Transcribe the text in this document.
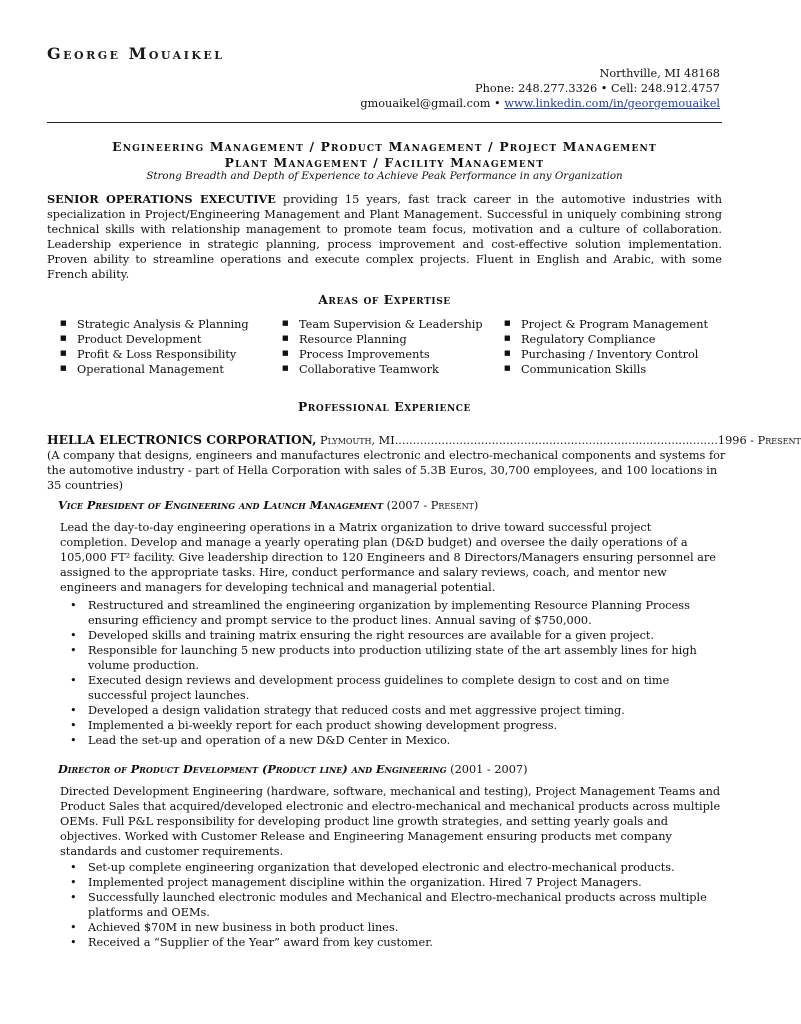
George Mouaikel
Northville, MI 48168
Phone: 248.277.3326 • Cell: 248.912.4757
gmouaikel@gmail.com • www.linkedin.com/in/georgemouaikel
Engineering Management / Product Management / Project Management
Plant Management / Facility Management
Strong Breadth and Depth of Experience to Achieve Peak Performance in any Organization
SENIOR OPERATIONS EXECUTIVE providing 15 years, fast track career in the automotive industries with specialization in Project/Engineering Management and Plant Management. Successful in uniquely combining strong technical skills with relationship management to promote team focus, motivation and a culture of collaboration. Leadership experience in strategic planning, process improvement and cost-effective solution implementation. Proven ability to streamline operations and execute complex projects. Fluent in English and Arabic, with some French ability.
Areas of Expertise
■ Strategic Analysis & Planning
■ Product Development
■ Profit & Loss Responsibility
■ Operational Management
■ Team Supervision & Leadership
■ Resource Planning
■ Process Improvements
■ Collaborative Teamwork
■ Project & Program Management
■ Regulatory Compliance
■ Purchasing / Inventory Control
■ Communication Skills
Professional Experience
HELLA ELECTRONICS CORPORATION, Plymouth, MI..........................................................................................1996 - Present
(A company that designs, engineers and manufactures electronic and electro-mechanical components and systems for the automotive industry - part of Hella Corporation with sales of 5.3B Euros, 30,700 employees, and 100 locations in 35 countries)
Vice President of Engineering and Launch Management (2007 - Present)
Lead the day-to-day engineering operations in a Matrix organization to drive toward successful project completion. Develop and manage a yearly operating plan (D&D budget) and oversee the daily operations of a 105,000 FT² facility. Give leadership direction to 120 Engineers and 8 Directors/Managers ensuring personnel are assigned to the appropriate tasks. Hire, conduct performance and salary reviews, coach, and mentor new engineers and managers for developing technical and managerial potential.
• Restructured and streamlined the engineering organization by implementing Resource Planning Process ensuring efficiency and prompt service to the product lines. Annual saving of $750,000.
• Developed skills and training matrix ensuring the right resources are available for a given project.
• Responsible for launching 5 new products into production utilizing state of the art assembly lines for high volume production.
• Executed design reviews and development process guidelines to complete design to cost and on time successful project launches.
• Developed a design validation strategy that reduced costs and met aggressive project timing.
• Implemented a bi-weekly report for each product showing development progress.
• Lead the set-up and operation of a new D&D Center in Mexico.
Director of Product Development (Product line) and Engineering (2001 - 2007)
Directed Development Engineering (hardware, software, mechanical and testing), Project Management Teams and Product Sales that acquired/developed electronic and electro-mechanical and mechanical products across multiple OEMs. Full P&L responsibility for developing product line growth strategies, and setting yearly goals and objectives. Worked with Customer Release and Engineering Management ensuring products met company standards and customer requirements.
• Set-up complete engineering organization that developed electronic and electro-mechanical products.
• Implemented project management discipline within the organization. Hired 7 Project Managers.
• Successfully launched electronic modules and Mechanical and Electro-mechanical products across multiple platforms and OEMs.
• Achieved $70M in new business in both product lines.
• Received a “Supplier of the Year” award from key customer.
